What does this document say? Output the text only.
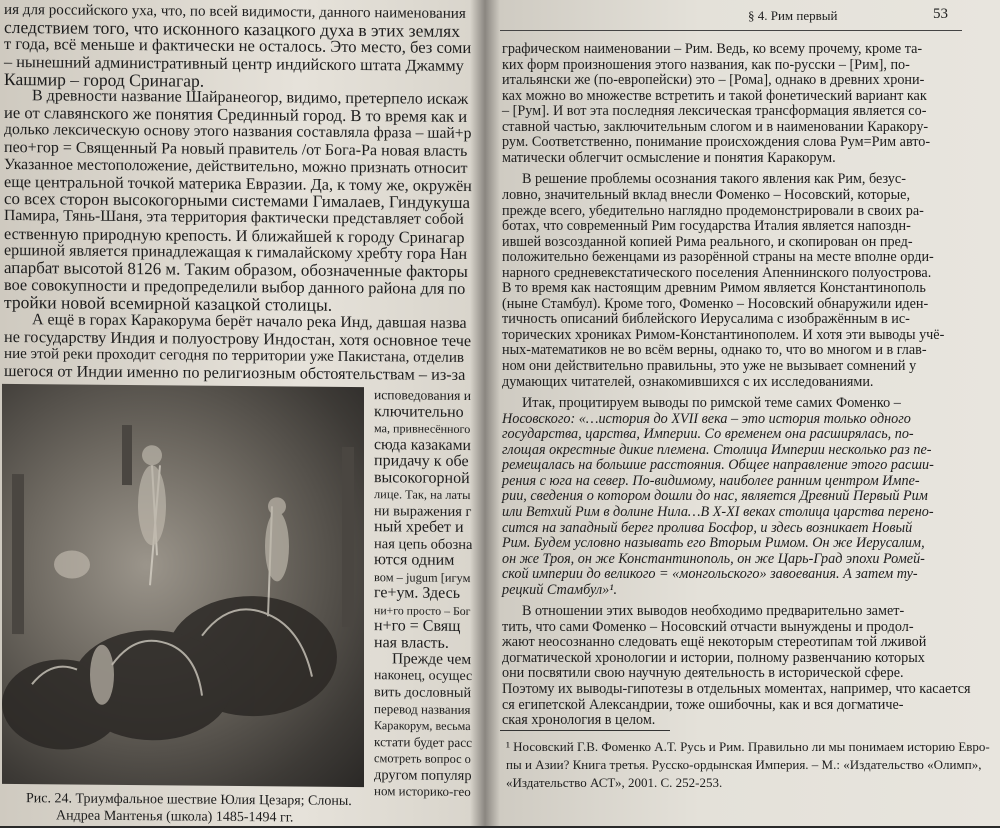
ия для российского уха, что, по всей видимости, данного наименования
следствием того, что исконного казацкого духа в этих землях
т года, всё меньше и фактически не осталось. Это место, без соми
– нынешний административный центр индийского штата Джамму
Кашмир – город Сринагар.
В древности название Шайранеогор, видимо, претерпело искаж
ие от славянского же понятия Срединный город. В то время как и
долько лексическую основу этого названия составляла фраза – шай+р
пео+гор = Священный Ра новый правитель /от Бога-Ра новая власть
Указанное местоположение, действительно, можно признать относит
еще центральной точкой материка Евразии. Да, к тому же, окружён
со всех сторон высокогорными системами Гималаев, Гиндукуша
Памира, Тянь-Шаня, эта территория фактически представляет собой
ественную природную крепость. И ближайшей к городу Сринагар
ершиной является принадлежащая к гималайскому хребту гора Нан
апарбат высотой 8126 м. Таким образом, обозначенные факторы
вое совокупности и предопределили выбор данного района для по
тройки новой всемирной казацкой столицы.
А ещё в горах Каракорума берёт начало река Инд, давшая назва
не государству Индия и полуострову Индостан, хотя основное тече
ние этой реки проходит сегодня по территории уже Пакистана, отделив
шегося от Индии именно по религиозным обстоятельствам – из-за
исповедования и
ключительно
ма, привнесённого
сюда казаками
придачу к обе
высокогорной
лице. Так, на латы
ни выражения г
ный хребет и
ная цепь обозна
ются одним
вом – jugum [игум
ге+ум. Здесь
ни+го просто – Бог
н+го = Свящ
ная власть.
Прежде чем
наконец, осущес
вить дословный
перевод названия
Каракорум, весьма
кстати будет расс
смотреть вопрос о
другом популяр
ном историко-гео
Рис. 24. Триумфальное шествие Юлия Цезаря; Слоны.
Андреа Мантенья (школа) 1485-1494 гг.
§ 4. Рим первый	53
графическом наименовании – Рим. Ведь, ко всему прочему, кроме та-
ких форм произношения этого названия, как по-русски – [Рим], по-
итальянски же (по-европейски) это – [Рома], однако в древних хрони-
ках можно во множестве встретить и такой фонетический вариант как
– [Рум]. И вот эта последняя лексическая трансформация является со-
ставной частью, заключительным слогом и в наименовании Каракору-
рум. Соответственно, понимание происхождения слова Рум=Рим авто-
матически облегчит осмысление и понятия Каракорум.
В решение проблемы осознания такого явления как Рим, безус-
ловно, значительный вклад внесли Фоменко – Носовский, которые,
прежде всего, убедительно наглядно продемонстрировали в своих ра-
ботах, что современный Рим государства Италия является напоздн-
ившей возсозданной копией Рима реального, и скопирован он пред-
положительно беженцами из разорённой страны на месте вполне орди-
нарного средневекстатического поселения Апеннинского полуострова.
В то время как настоящим древним Римом является Константинополь
(ныне Стамбул). Кроме того, Фоменко – Носовский обнаружили иден-
тичность описаний библейского Иерусалима с изображённым в ис-
торических хрониках Римом-Константинополем. И хотя эти выводы учё-
ных-математиков не во всём верны, однако то, что во многом и в глав-
ном они действительно правильны, это уже не вызывает сомнений у
думающих читателей, ознакомившихся с их исследованиями.
Итак, процитируем выводы по римской теме самих Фоменко –
Носовского: «…история до XVII века – это история только одного
государства, царства, Империи. Со временем она расширялась, по-
глощая окрестные дикие племена. Столица Империи несколько раз пе-
ремещалась на большие расстояния. Общее направление этого расши-
рения с юга на север. По-видимому, наиболее ранним центром Импе-
рии, сведения о котором дошли до нас, является Древний Первый Рим
или Ветхий Рим в долине Нила…В Х-ХI веках столица царства перено-
сится на западный берег пролива Босфор, и здесь возникает Новый
Рим. Будем условно называть его Вторым Римом. Он же Иерусалим,
он же Троя, он же Константинополь, он же Царь-Град эпохи Ромей-
ской империи до великого = «монгольского» завоевания. А затем ту-
рецкий Стамбул»¹.
В отношении этих выводов необходимо предварительно замет-
тить, что сами Фоменко – Носовский отчасти вынуждены и продол-
жают неосознанно следовать ещё некоторым стереотипам той лживой
догматической хронологии и истории, полному развенчанию которых
они посвятили свою научную деятельность в исторической сфере.
Поэтому их выводы-гипотезы в отдельных моментах, например, что касается
ся египетской Александрии, тоже ошибочны, как и вся догматиче-
ская хронология в целом.
¹ Носовский Г.В. Фоменко А.Т. Русь и Рим. Правильно ли мы понимаем историю Евро-
пы и Азии? Книга третья. Русско-ордынская Империя. – М.: «Издательство «Олимп»,
«Издательство АСТ», 2001. С. 252-253.
